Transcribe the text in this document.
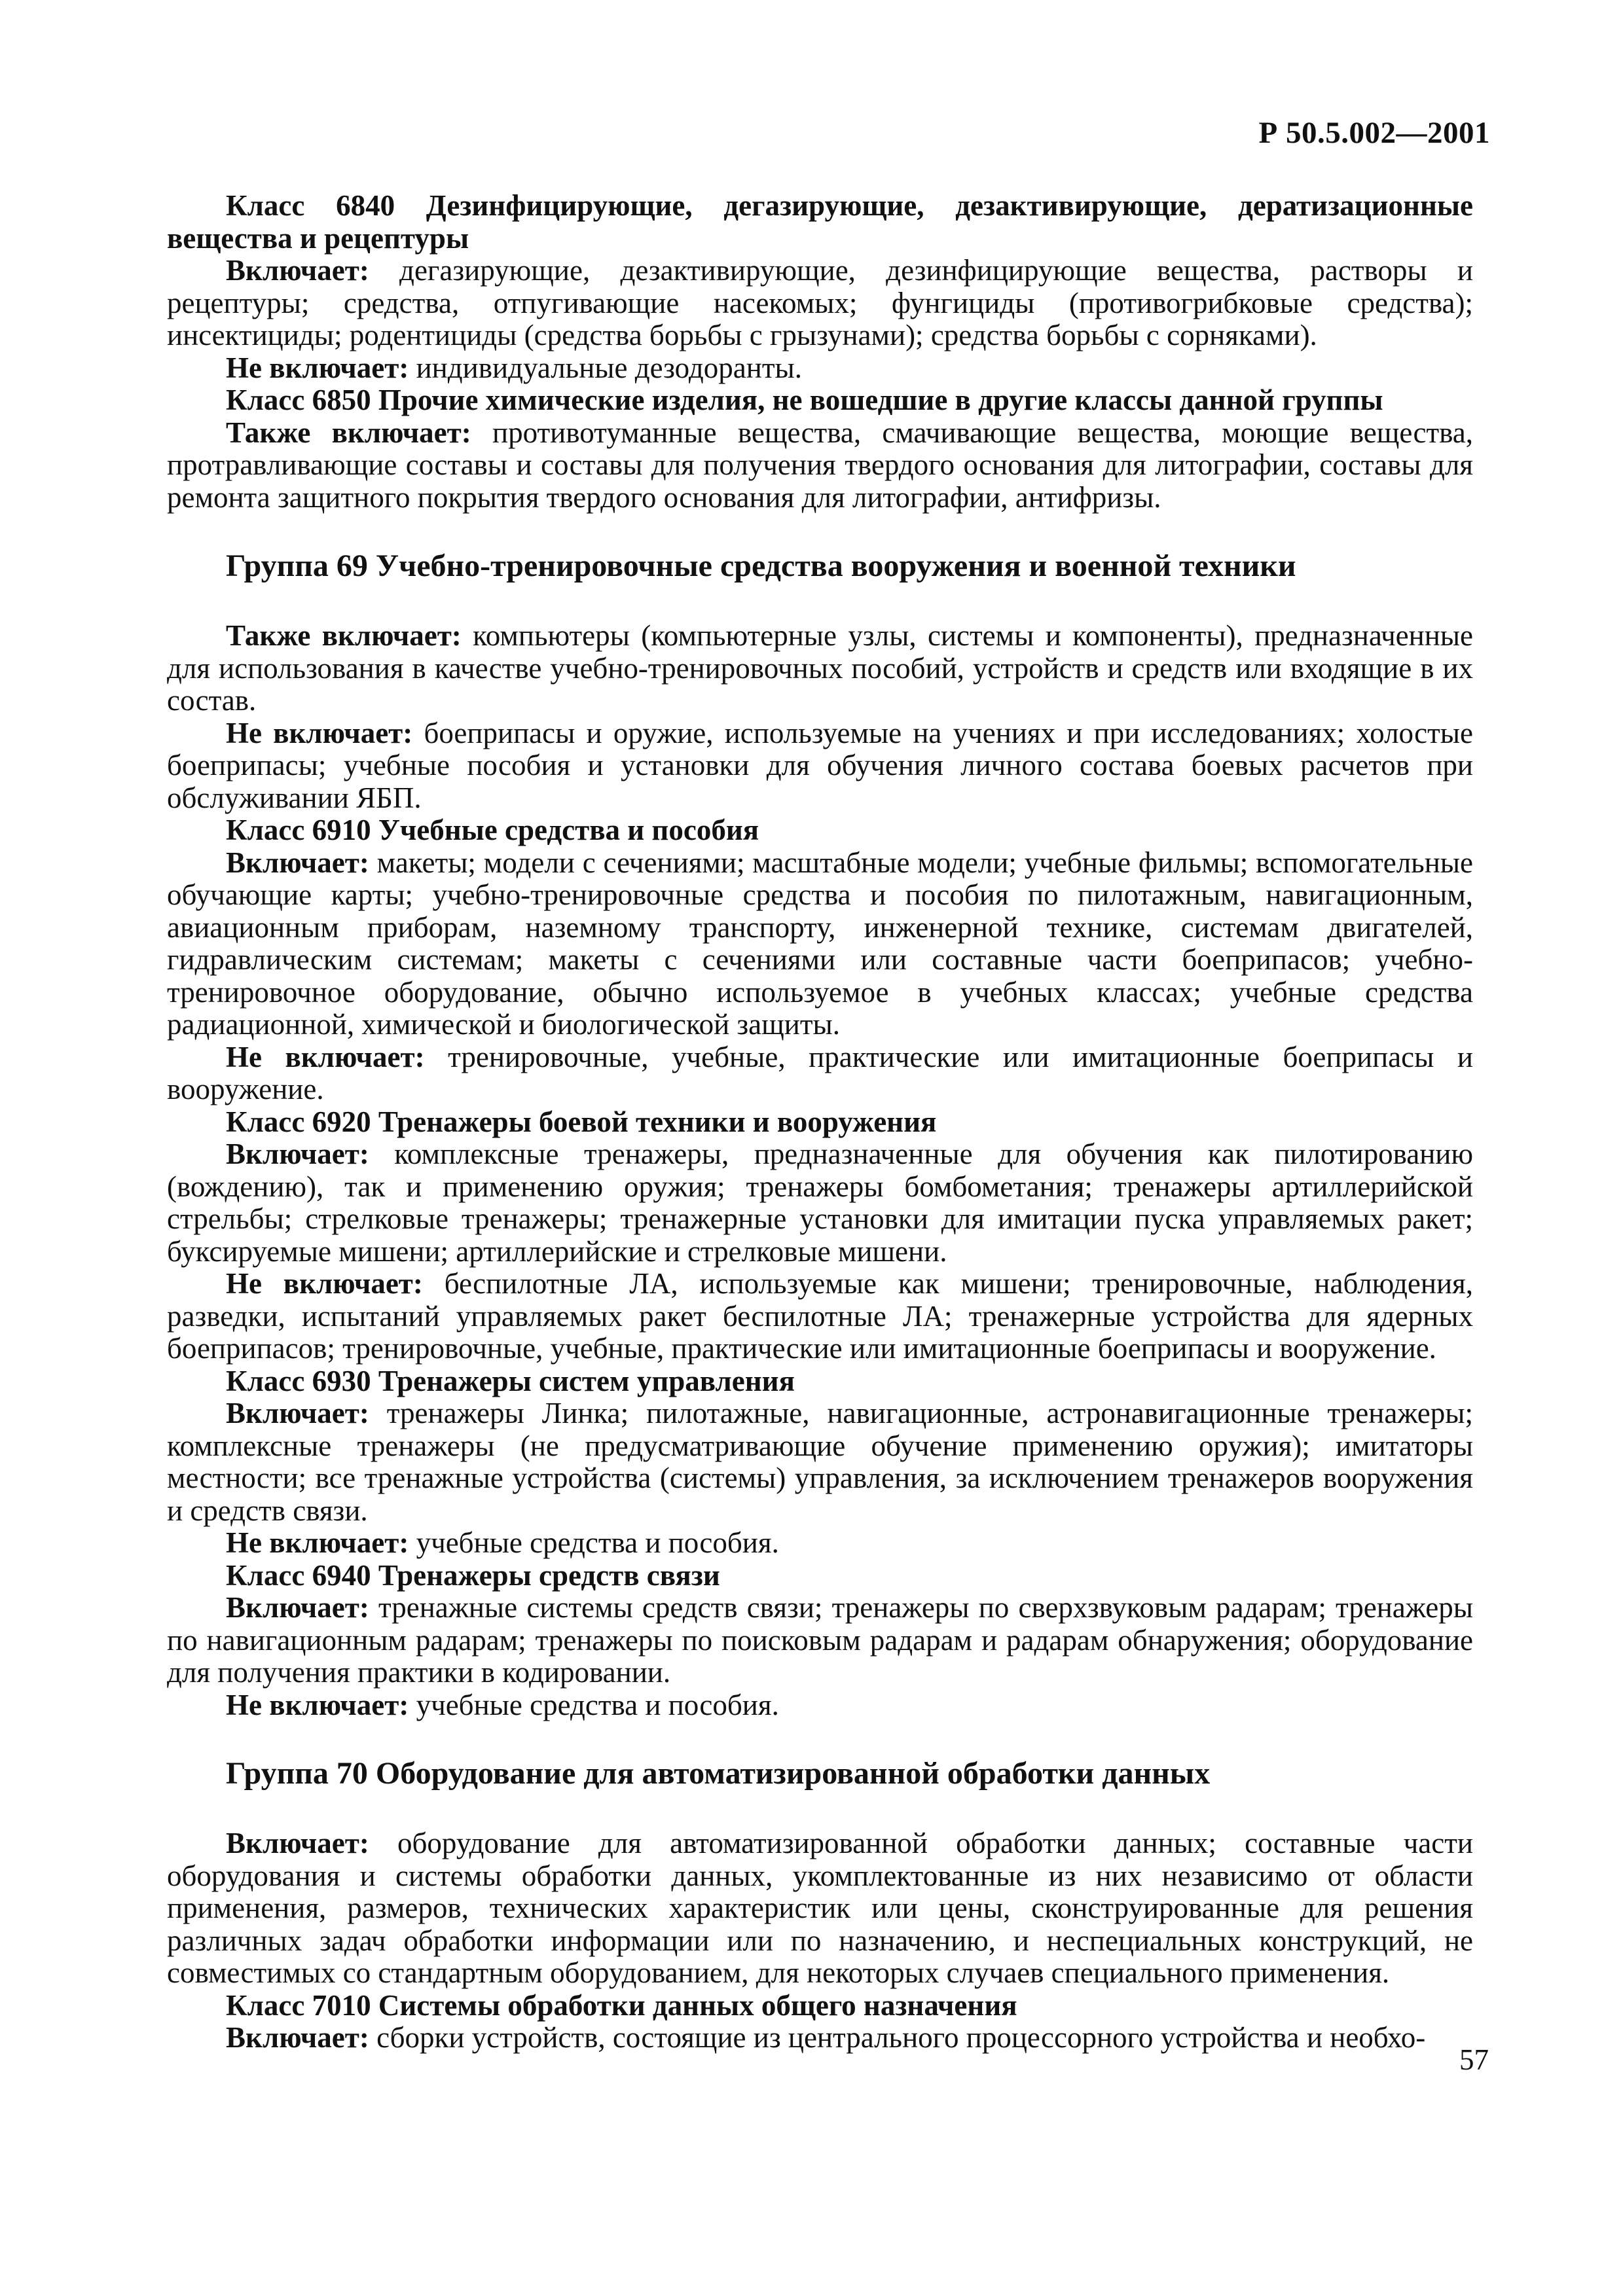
Р 50.5.002—2001

Класс 6840 Дезинфицирующие, дегазирующие, дезактивирующие, дератизационные вещества и рецептуры

Включает: дегазирующие, дезактивирующие, дезинфицирующие вещества, растворы и рецептуры; средства, отпугивающие насекомых; фунгициды (противогрибковые средства); инсектициды; родентициды (средства борьбы с грызунами); средства борьбы с сорняками).

Не включает: индивидуальные дезодоранты.

Класс 6850 Прочие химические изделия, не вошедшие в другие классы данной группы

Также включает: противотуманные вещества, смачивающие вещества, моющие вещества, протравливающие составы и составы для получения твердого основания для литографии, составы для ремонта защитного покрытия твердого основания для литографии, антифризы.

Группа 69 Учебно-тренировочные средства вооружения и военной техники

Также включает: компьютеры (компьютерные узлы, системы и компоненты), предназначенные для использования в качестве учебно-тренировочных пособий, устройств и средств или входящие в их состав.

Не включает: боеприпасы и оружие, используемые на учениях и при исследованиях; холостые боеприпасы; учебные пособия и установки для обучения личного состава боевых расчетов при обслуживании ЯБП.

Класс 6910 Учебные средства и пособия

Включает: макеты; модели с сечениями; масштабные модели; учебные фильмы; вспомогательные обучающие карты; учебно-тренировочные средства и пособия по пилотажным, навигационным, авиационным приборам, наземному транспорту, инженерной технике, системам двигателей, гидравлическим системам; макеты с сечениями или составные части боеприпасов; учебно-тренировочное оборудование, обычно используемое в учебных классах; учебные средства радиационной, химической и биологической защиты.

Не включает: тренировочные, учебные, практические или имитационные боеприпасы и вооружение.

Класс 6920 Тренажеры боевой техники и вооружения

Включает: комплексные тренажеры, предназначенные для обучения как пилотированию (вождению), так и применению оружия; тренажеры бомбометания; тренажеры артиллерийской стрельбы; стрелковые тренажеры; тренажерные установки для имитации пуска управляемых ракет; буксируемые мишени; артиллерийские и стрелковые мишени.

Не включает: беспилотные ЛА, используемые как мишени; тренировочные, наблюдения, разведки, испытаний управляемых ракет беспилотные ЛА; тренажерные устройства для ядерных боеприпасов; тренировочные, учебные, практические или имитационные боеприпасы и вооружение.

Класс 6930 Тренажеры систем управления

Включает: тренажеры Линка; пилотажные, навигационные, астронавигационные тренажеры; комплексные тренажеры (не предусматривающие обучение применению оружия); имитаторы местности; все тренажные устройства (системы) управления, за исключением тренажеров вооружения и средств связи.

Не включает: учебные средства и пособия.

Класс 6940 Тренажеры средств связи

Включает: тренажные системы средств связи; тренажеры по сверхзвуковым радарам; тренажеры по навигационным радарам; тренажеры по поисковым радарам и радарам обнаружения; оборудование для получения практики в кодировании.

Не включает: учебные средства и пособия.

Группа 70 Оборудование для автоматизированной обработки данных

Включает: оборудование для автоматизированной обработки данных; составные части оборудования и системы обработки данных, укомплектованные из них независимо от области применения, размеров, технических характеристик или цены, сконструированные для решения различных задач обработки информации или по назначению, и неспециальных конструкций, не совместимых со стандартным оборудованием, для некоторых случаев специального применения.

Класс 7010 Системы обработки данных общего назначения

Включает: сборки устройств, состоящие из центрального процессорного устройства и необхо-

57
